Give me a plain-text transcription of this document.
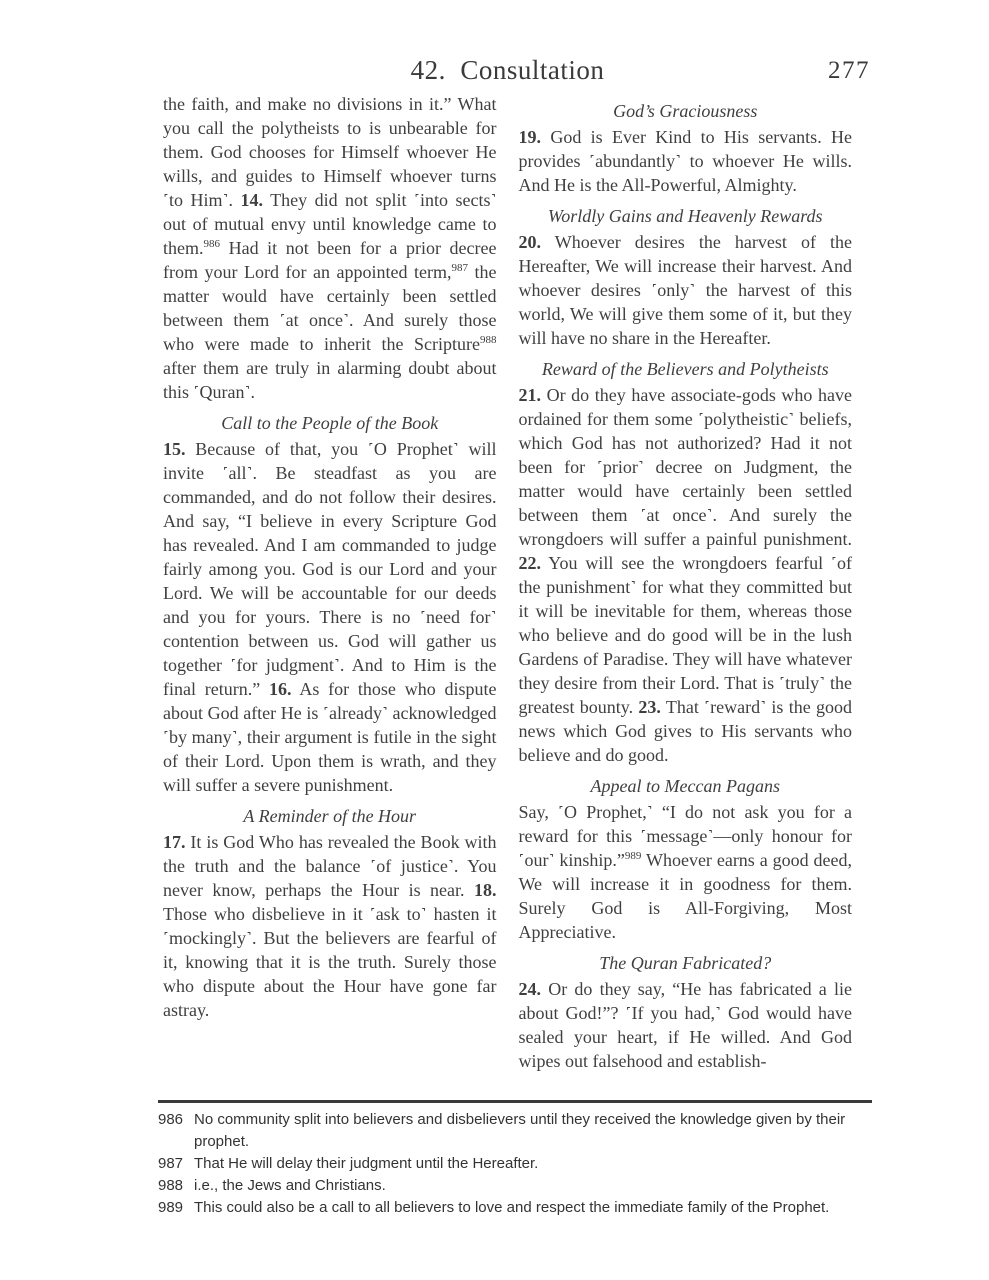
42.  Consultation	277

the faith, and make no divisions in it.” What you call the polytheists to is unbearable for them. God chooses for Himself whoever He wills, and guides to Himself whoever turns ˹to Him˺. 14. They did not split ˹into sects˺ out of mutual envy until knowledge came to them.$^{986}$ Had it not been for a prior decree from your Lord for an appointed term,$^{987}$ the matter would have certainly been settled between them ˹at once˺. And surely those who were made to inherit the Scripture$^{988}$ after them are truly in alarming doubt about this ˹Quran˺.

Call to the People of the Book

15. Because of that, you ˹O Prophet˺ will invite ˹all˺. Be steadfast as you are commanded, and do not follow their desires. And say, “I believe in every Scripture God has revealed. And I am commanded to judge fairly among you. God is our Lord and your Lord. We will be accountable for our deeds and you for yours. There is no ˹need for˺ contention between us. God will gather us together ˹for judgment˺. And to Him is the final return.” 16. As for those who dispute about God after He is ˹already˺ acknowledged ˹by many˺, their argument is futile in the sight of their Lord. Upon them is wrath, and they will suffer a severe punishment.

A Reminder of the Hour

17. It is God Who has revealed the Book with the truth and the balance ˹of justice˺. You never know, perhaps the Hour is near. 18. Those who disbelieve in it ˹ask to˺ hasten it ˹mockingly˺. But the believers are fearful of it, knowing that it is the truth. Surely those who dispute about the Hour have gone far astray.

God’s Graciousness

19. God is Ever Kind to His servants. He provides ˹abundantly˺ to whoever He wills. And He is the All-Powerful, Almighty.

Worldly Gains and Heavenly Rewards

20. Whoever desires the harvest of the Hereafter, We will increase their harvest. And whoever desires ˹only˺ the harvest of this world, We will give them some of it, but they will have no share in the Hereafter.

Reward of the Believers and Polytheists

21. Or do they have associate-gods who have ordained for them some ˹polytheistic˺ beliefs, which God has not authorized? Had it not been for ˹prior˺ decree on Judgment, the matter would have certainly been settled between them ˹at once˺. And surely the wrongdoers will suffer a painful punishment. 22. You will see the wrongdoers fearful ˹of the punishment˺ for what they committed but it will be inevitable for them, whereas those who believe and do good will be in the lush Gardens of Paradise. They will have whatever they desire from their Lord. That is ˹truly˺ the greatest bounty. 23. That ˹reward˺ is the good news which God gives to His servants who believe and do good.

Appeal to Meccan Pagans

Say, ˹O Prophet,˺ “I do not ask you for a reward for this ˹message˺—only honour for ˹our˺ kinship.”$^{989}$ Whoever earns a good deed, We will increase it in goodness for them. Surely God is All-Forgiving, Most Appreciative.

The Quran Fabricated?

24. Or do they say, “He has fabricated a lie about God!”? ˹If you had,˺ God would have sealed your heart, if He willed. And God wipes out falsehood and establish-

986 No community split into believers and disbelievers until they received the knowledge given by their prophet.
987 That He will delay their judgment until the Hereafter.
988 i.e., the Jews and Christians.
989 This could also be a call to all believers to love and respect the immediate family of the Prophet.
